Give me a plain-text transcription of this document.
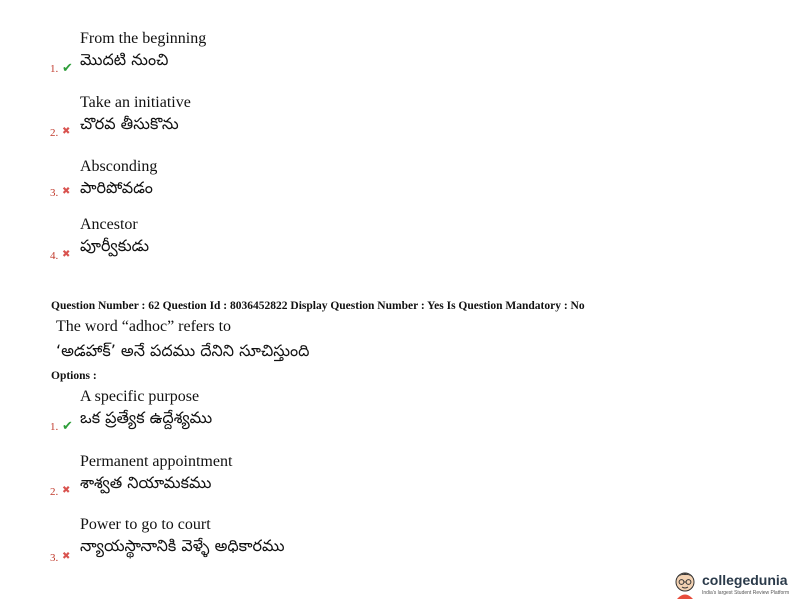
From the beginning
మొదటి నుంచి
1. ✔
Take an initiative
చొరవ తీసుకొను
2. ✖
Absconding
పారిపోవడం
3. ✖
Ancestor
పూర్వీకుడు
4. ✖
Question Number : 62 Question Id : 8036452822 Display Question Number : Yes Is Question Mandatory : No
The word “adhoc” refers to
‘అడహాక్’ అనే పదము దేనిని సూచిస్తుంది
Options :
A specific purpose
ఒక ప్రత్యేక ఉద్దేశ్యము
1. ✔
Permanent appointment
శాశ్వత నియామకము
2. ✖
Power to go to court
న్యాయస్థానానికి వెళ్ళే అధికారము
3. ✖
collegedunia
India's largest Student Review Platform
